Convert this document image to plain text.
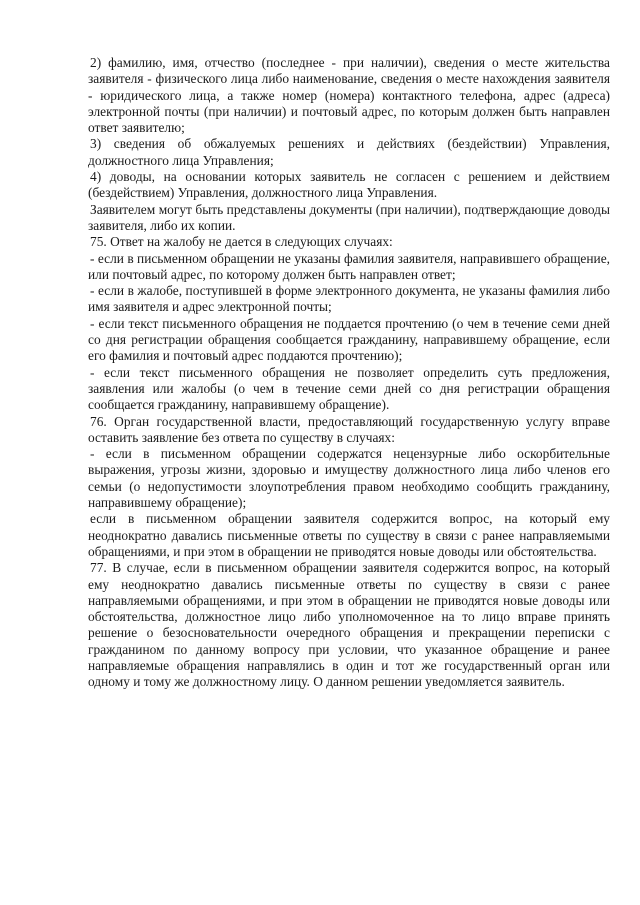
2) фамилию, имя, отчество (последнее - при наличии), сведения о месте жительства заявителя - физического лица либо наименование, сведения о месте нахождения заявителя - юридического лица, а также номер (номера) контактного телефона, адрес (адреса) электронной почты (при наличии) и почтовый адрес, по которым должен быть направлен ответ заявителю;

3) сведения об обжалуемых решениях и действиях (бездействии) Управления, должностного лица Управления;

4) доводы, на основании которых заявитель не согласен с решением и действием (бездействием) Управления, должностного лица Управления.

Заявителем могут быть представлены документы (при наличии), подтверждающие доводы заявителя, либо их копии.

75. Ответ на жалобу не дается в следующих случаях:

- если в письменном обращении не указаны фамилия заявителя, направившего обращение, или почтовый адрес, по которому должен быть направлен ответ;

- если в жалобе, поступившей в форме электронного документа, не указаны фамилия либо имя заявителя и адрес электронной почты;

- если текст письменного обращения не поддается прочтению (о чем в течение семи дней со дня регистрации обращения сообщается гражданину, направившему обращение, если его фамилия и почтовый адрес поддаются прочтению);

- если текст письменного обращения не позволяет определить суть предложения, заявления или жалобы (о чем в течение семи дней со дня регистрации обращения сообщается гражданину, направившему обращение).

76. Орган государственной власти, предоставляющий государственную услугу вправе оставить заявление без ответа по существу в случаях:

- если в письменном обращении содержатся нецензурные либо оскорбительные выражения, угрозы жизни, здоровью и имуществу должностного лица либо членов его семьи (о недопустимости злоупотребления правом необходимо сообщить гражданину, направившему обращение);

если в письменном обращении заявителя содержится вопрос, на который ему неоднократно давались письменные ответы по существу в связи с ранее направляемыми обращениями, и при этом в обращении не приводятся новые доводы или обстоятельства.

77. В случае, если в письменном обращении заявителя содержится вопрос, на который ему неоднократно давались письменные ответы по существу в связи с ранее направляемыми обращениями, и при этом в обращении не приводятся новые доводы или обстоятельства, должностное лицо либо уполномоченное на то лицо вправе принять решение о безосновательности очередного обращения и прекращении переписки с гражданином по данному вопросу при условии, что указанное обращение и ранее направляемые обращения направлялись в один и тот же государственный орган или одному и тому же должностному лицу. О данном решении уведомляется заявитель.
